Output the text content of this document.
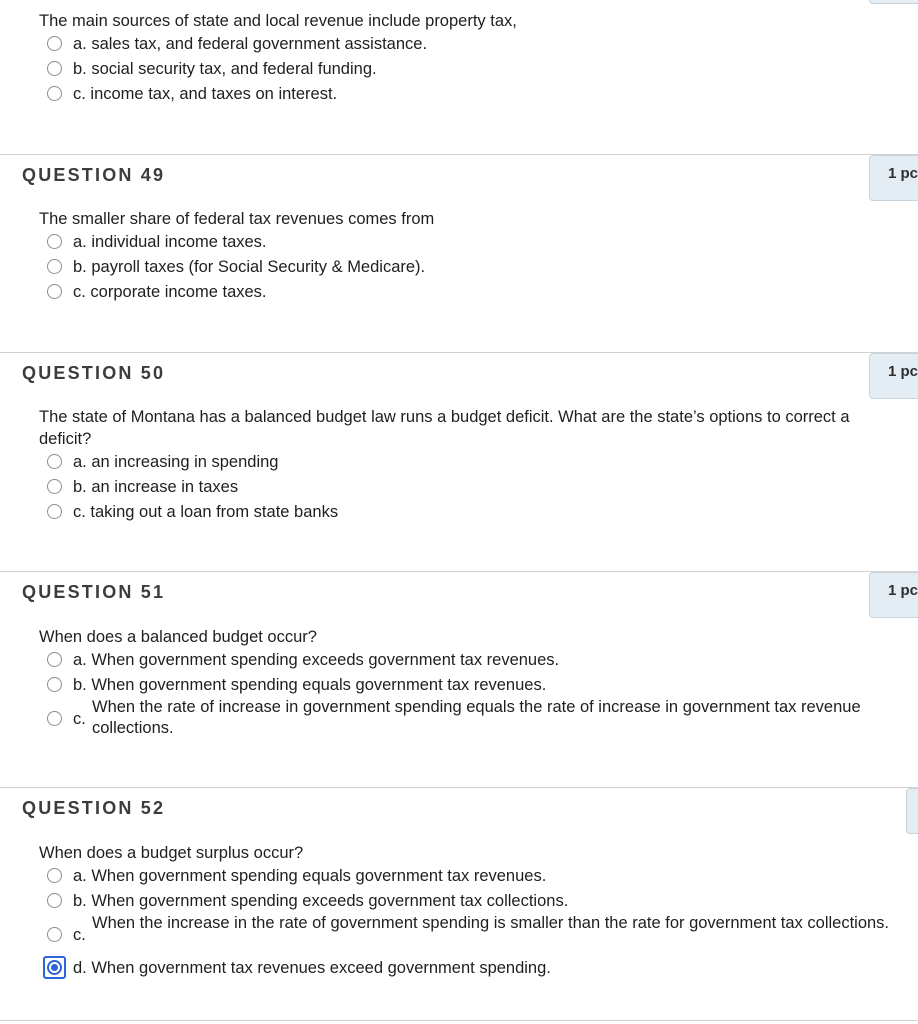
The main sources of state and local revenue include property tax,
a. sales tax, and federal government assistance.
b. social security tax, and federal funding.
c. income tax, and taxes on interest.
QUESTION 49	1 pc
The smaller share of federal tax revenues comes from
a. individual income taxes.
b. payroll taxes (for Social Security & Medicare).
c. corporate income taxes.
QUESTION 50	1 pc
The state of Montana has a balanced budget law runs a budget deficit. What are the state’s options to correct a deficit?
a. an increasing in spending
b. an increase in taxes
c. taking out a loan from state banks
QUESTION 51	1 pc
When does a balanced budget occur?
a. When government spending exceeds government tax revenues.
b. When government spending equals government tax revenues.
c.
When the rate of increase in government spending equals the rate of increase in government tax revenue collections.
QUESTION 52
When does a budget surplus occur?
a. When government spending equals government tax revenues.
b. When government spending exceeds government tax collections.
c.
When the increase in the rate of government spending is smaller than the rate for government tax collections.
d. When government tax revenues exceed government spending.
